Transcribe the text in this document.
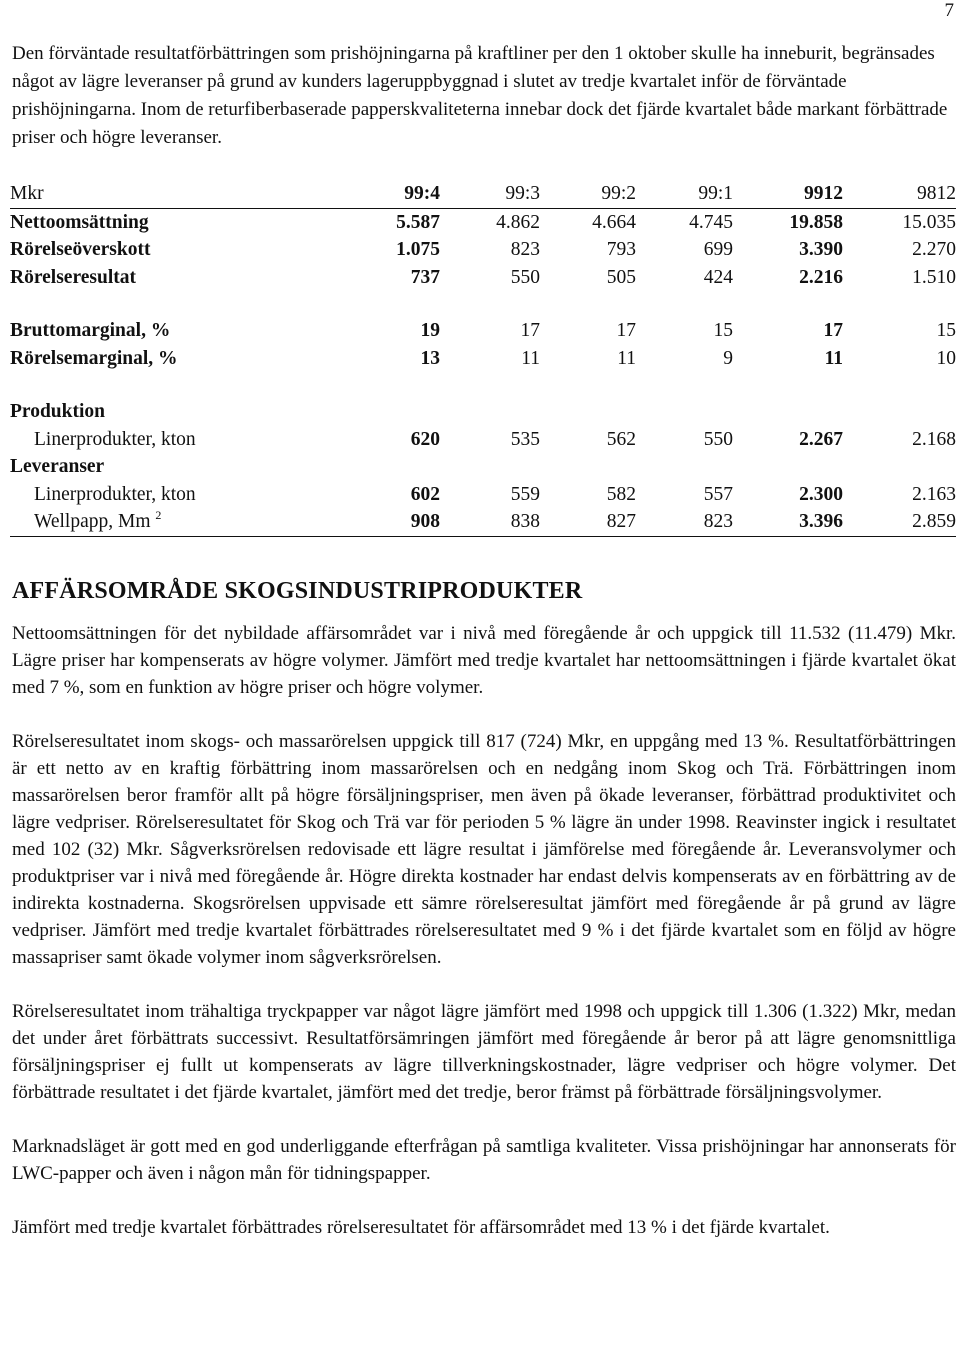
7

Den förväntade resultatförbättringen som prishöjningarna på kraftliner per den 1 oktober skulle ha inneburit, begränsades något av lägre leveranser på grund av kunders lageruppbyggnad i slutet av tredje kvartalet inför de förväntade prishöjningarna. Inom de returfiberbaserade papperskvaliteterna innebar dock det fjärde kvartalet både markant förbättrade priser och högre leveranser.

Mkr	99:4	99:3	99:2	99:1	9912	9812
Nettoomsättning	5.587	4.862	4.664	4.745	19.858	15.035
Rörelseöverskott	1.075	823	793	699	3.390	2.270
Rörelseresultat	737	550	505	424	2.216	1.510

Bruttomarginal, %	19	17	17	15	17	15
Rörelsemarginal, %	13	11	11	9	11	10

Produktion						
Linerprodukter, kton	620	535	562	550	2.267	2.168
Leveranser						
Linerprodukter, kton	602	559	582	557	2.300	2.163
Wellpapp, Mm $^2$	908	838	827	823	3.396	2.859
AFFÄRSOMRÅDE SKOGSINDUSTRIPRODUKTER

Nettoomsättningen för det nybildade affärsområdet var i nivå med föregående år och uppgick till 11.532 (11.479) Mkr. Lägre priser har kompenserats av högre volymer. Jämfört med tredje kvartalet har nettoomsättningen i fjärde kvartalet ökat med 7 %, som en funktion av högre priser och högre volymer.

Rörelseresultatet inom skogs- och massarörelsen uppgick till 817 (724) Mkr, en uppgång med 13 %. Resultatförbättringen är ett netto av en kraftig förbättring inom massarörelsen och en nedgång inom Skog och Trä. Förbättringen inom massarörelsen beror framför allt på högre försäljningspriser, men även på ökade leveranser, förbättrad produktivitet och lägre vedpriser. Rörelseresultatet för Skog och Trä var för perioden 5 % lägre än under 1998. Reavinster ingick i resultatet med 102 (32) Mkr. Sågverksrörelsen redovisade ett lägre resultat i jämförelse med föregående år. Leveransvolymer och produktpriser var i nivå med föregående år. Högre direkta kostnader har endast delvis kompenserats av en förbättring av de indirekta kostnaderna. Skogsrörelsen uppvisade ett sämre rörelseresultat jämfört med föregående år på grund av lägre vedpriser. Jämfört med tredje kvartalet förbättrades rörelseresultatet med 9 % i det fjärde kvartalet som en följd av högre massapriser samt ökade volymer inom sågverksrörelsen.

Rörelseresultatet inom trähaltiga tryckpapper var något lägre jämfört med 1998 och uppgick till 1.306 (1.322) Mkr, medan det under året förbättrats successivt. Resultatförsämringen jämfört med föregående år beror på att lägre genomsnittliga försäljningspriser ej fullt ut kompenserats av lägre tillverkningskostnader, lägre vedpriser och högre volymer. Det förbättrade resultatet i det fjärde kvartalet, jämfört med det tredje, beror främst på förbättrade försäljningsvolymer.

Marknadsläget är gott med en god underliggande efterfrågan på samtliga kvaliteter. Vissa prishöjningar har annonserats för LWC-papper och även i någon mån för tidningspapper.

Jämfört med tredje kvartalet förbättrades rörelseresultatet för affärsområdet med 13 % i det fjärde kvartalet.
